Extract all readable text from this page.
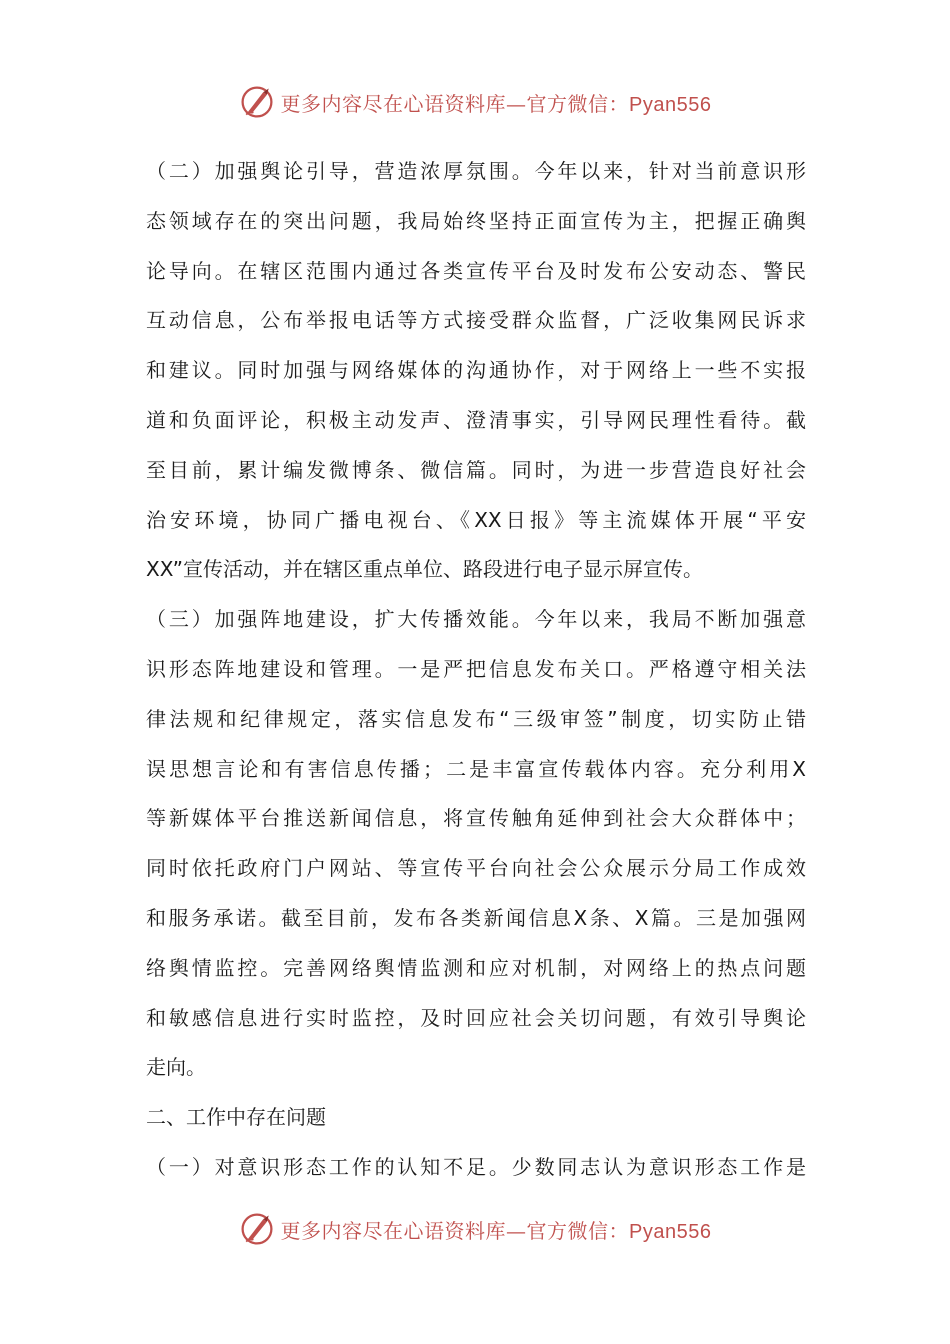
更多内容尽在心语资料库—官方微信：Pyan556
（二）加强舆论引导，营造浓厚氛围。今年以来，针对当前意识形
态领域存在的突出问题，我局始终坚持正面宣传为主，把握正确舆
论导向。在辖区范围内通过各类宣传平台及时发布公安动态、警民
互动信息，公布举报电话等方式接受群众监督，广泛收集网民诉求
和建议。同时加强与网络媒体的沟通协作，对于网络上一些不实报
道和负面评论，积极主动发声、澄清事实，引导网民理性看待。截
至目前，累计编发微博条、微信篇。同时，为进一步营造良好社会
治安环境，协同广播电视台、《XX日报》等主流媒体开展“平安
XX”宣传活动，并在辖区重点单位、路段进行电子显示屏宣传。
（三）加强阵地建设，扩大传播效能。今年以来，我局不断加强意
识形态阵地建设和管理。一是严把信息发布关口。严格遵守相关法
律法规和纪律规定，落实信息发布“三级审签”制度，切实防止错
误思想言论和有害信息传播；二是丰富宣传载体内容。充分利用X
等新媒体平台推送新闻信息，将宣传触角延伸到社会大众群体中；
同时依托政府门户网站、等宣传平台向社会公众展示分局工作成效
和服务承诺。截至目前，发布各类新闻信息X条、X篇。三是加强网
络舆情监控。完善网络舆情监测和应对机制，对网络上的热点问题
和敏感信息进行实时监控，及时回应社会关切问题，有效引导舆论
走向。
二、工作中存在问题
（一）对意识形态工作的认知不足。少数同志认为意识形态工作是
更多内容尽在心语资料库—官方微信：Pyan556
